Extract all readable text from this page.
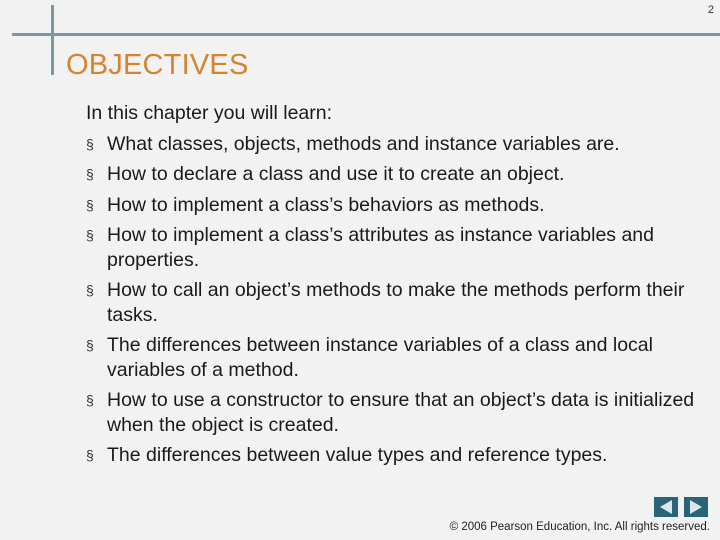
2
OBJECTIVES

In this chapter you will learn:

§ What classes, objects, methods and instance variables are.
§ How to declare a class and use it to create an object.
§ How to implement a class’s behaviors as methods.
§ How to implement a class’s attributes as instance variables and properties.
§ How to call an object’s methods to make the methods perform their tasks.
§ The differences between instance variables of a class and local variables of a method.
§ How to use a constructor to ensure that an object’s data is initialized when the object is created.
§ The differences between value types and reference types.
© 2006 Pearson Education, Inc. All rights reserved.
